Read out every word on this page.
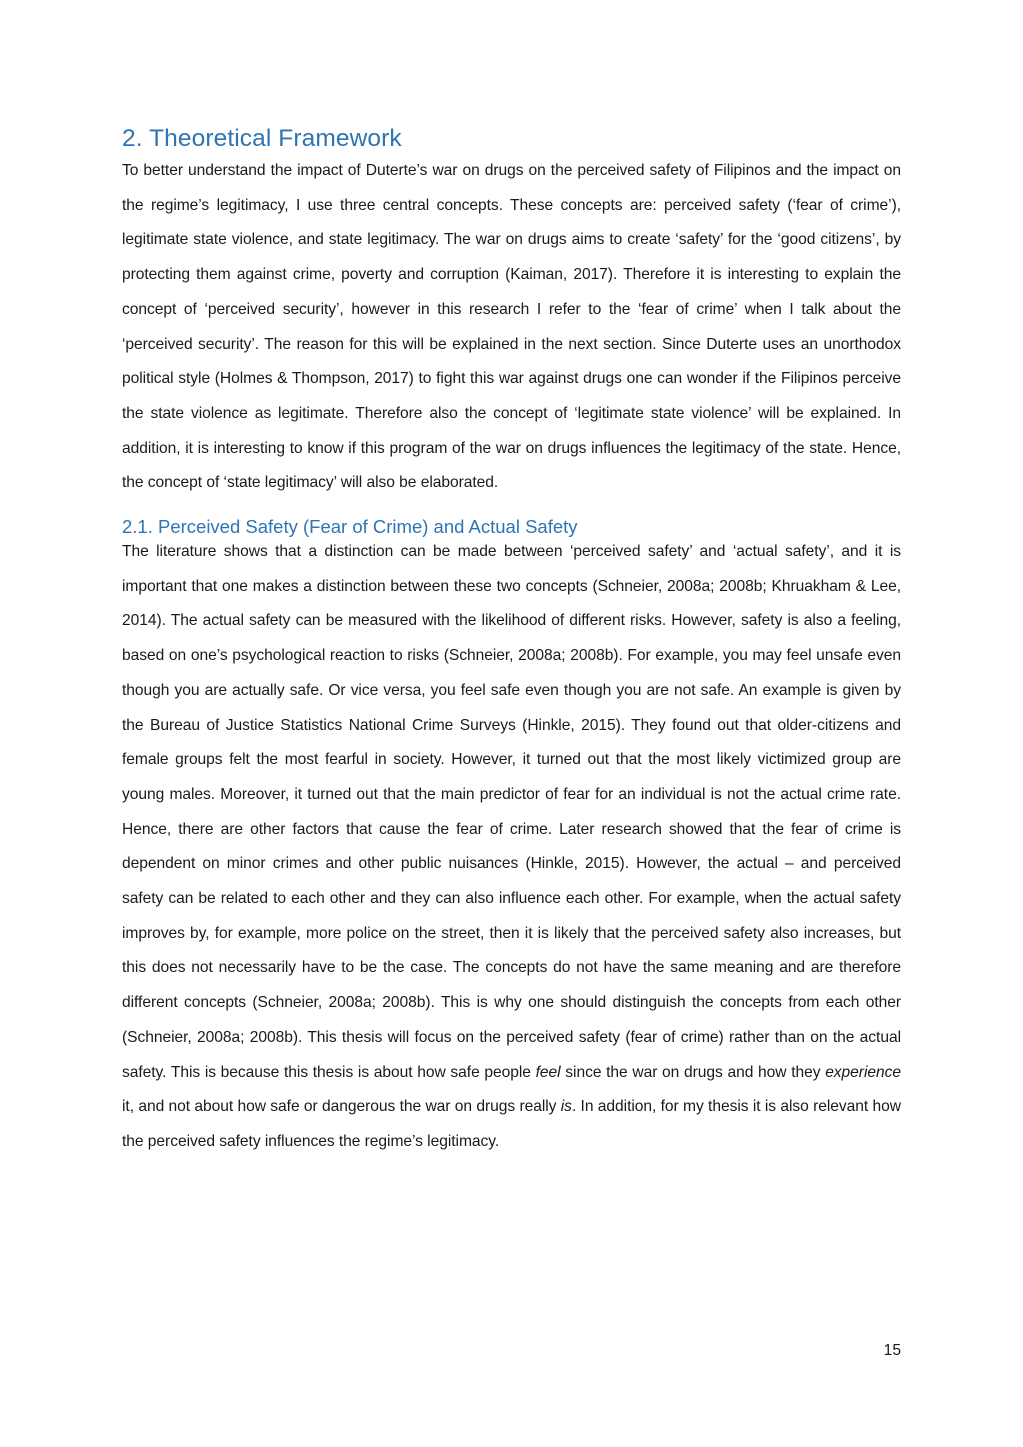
2. Theoretical Framework

To better understand the impact of Duterte’s war on drugs on the perceived safety of Filipinos and the impact on the regime’s legitimacy, I use three central concepts. These concepts are: perceived safety (‘fear of crime’), legitimate state violence, and state legitimacy. The war on drugs aims to create ‘safety’ for the ‘good citizens’, by protecting them against crime, poverty and corruption (Kaiman, 2017). Therefore it is interesting to explain the concept of ‘perceived security’, however in this research I refer to the ‘fear of crime’ when I talk about the ‘perceived security’. The reason for this will be explained in the next section. Since Duterte uses an unorthodox political style (Holmes & Thompson, 2017) to fight this war against drugs one can wonder if the Filipinos perceive the state violence as legitimate. Therefore also the concept of ‘legitimate state violence’ will be explained. In addition, it is interesting to know if this program of the war on drugs influences the legitimacy of the state. Hence, the concept of ‘state legitimacy’ will also be elaborated.

2.1. Perceived Safety (Fear of Crime) and Actual Safety

The literature shows that a distinction can be made between ‘perceived safety’ and ‘actual safety’, and it is important that one makes a distinction between these two concepts (Schneier, 2008a; 2008b; Khruakham & Lee, 2014). The actual safety can be measured with the likelihood of different risks. However, safety is also a feeling, based on one’s psychological reaction to risks (Schneier, 2008a; 2008b). For example, you may feel unsafe even though you are actually safe. Or vice versa, you feel safe even though you are not safe. An example is given by the Bureau of Justice Statistics National Crime Surveys (Hinkle, 2015). They found out that older-citizens and female groups felt the most fearful in society. However, it turned out that the most likely victimized group are young males. Moreover, it turned out that the main predictor of fear for an individual is not the actual crime rate. Hence, there are other factors that cause the fear of crime. Later research showed that the fear of crime is dependent on minor crimes and other public nuisances (Hinkle, 2015). However, the actual – and perceived safety can be related to each other and they can also influence each other. For example, when the actual safety improves by, for example, more police on the street, then it is likely that the perceived safety also increases, but this does not necessarily have to be the case. The concepts do not have the same meaning and are therefore different concepts (Schneier, 2008a; 2008b). This is why one should distinguish the concepts from each other (Schneier, 2008a; 2008b). This thesis will focus on the perceived safety (fear of crime) rather than on the actual safety. This is because this thesis is about how safe people feel since the war on drugs and how they experience it, and not about how safe or dangerous the war on drugs really is. In addition, for my thesis it is also relevant how the perceived safety influences the regime’s legitimacy.

15
